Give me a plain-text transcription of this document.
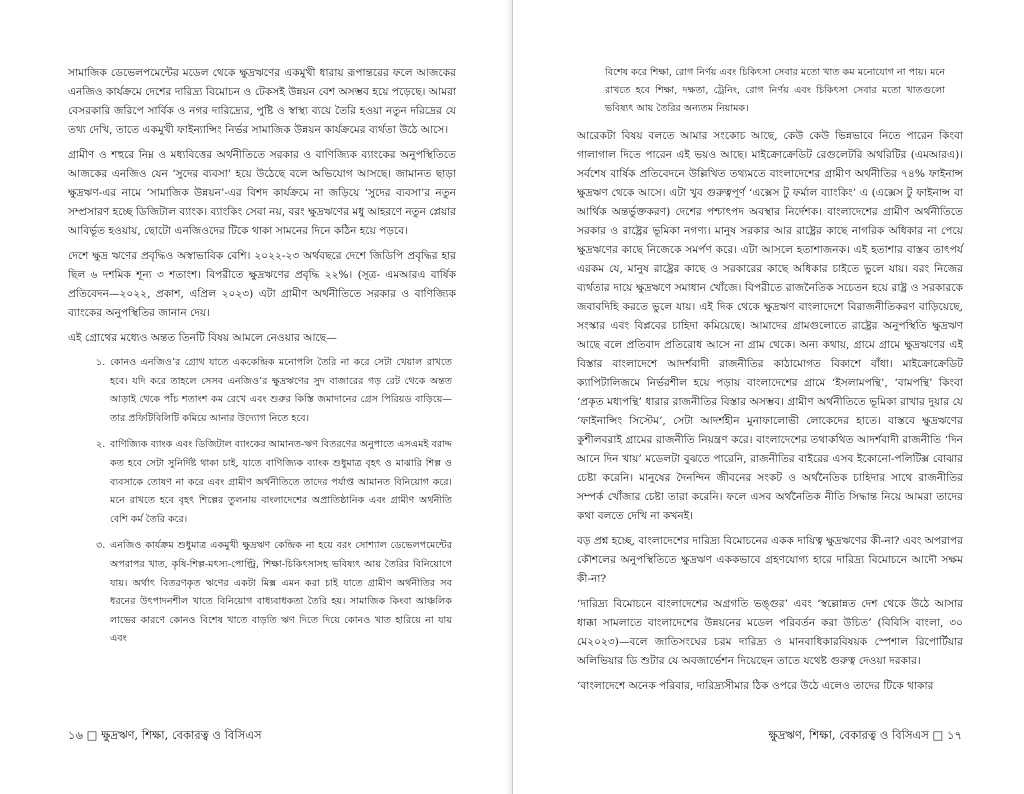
সামাজিক ডেভেলপমেন্টের মডেল থেকে ক্ষুদ্রঋণের একমুখী ধারায় রূপান্তরের ফলে আজকের এনজিও কার্যক্রমে দেশের দারিদ্র্য বিমোচন ও টেকসই উন্নয়ন বেশ অসম্ভব হয়ে পড়েছে। আমরা বেসরকারি জরিপে সার্বিক ও নগর দারিদ্র্যের, পুষ্টি ও স্বাস্থ্য ব্যয়ে তৈরি হওয়া নতুন দরিদ্রের যে তথ্য দেখি, তাতে একমুখী ফাইন্যান্সিং নির্ভর সামাজিক উন্নয়ন কার্যক্রমের ব্যর্থতা উঠে আসে।

গ্রামীণ ও শহুরে নিম্ন ও মধ্যবিত্তের অর্থনীতিতে সরকার ও বাণিজ্যিক ব্যাংকের অনুপস্থিতিতে আজকের এনজিও যেন ‘সুদের ব্যবসা’ হয়ে উঠেছে বলে অভিযোগ আসছে। জামানত ছাড়া ক্ষুদ্রঋণ-এর নামে ‘সামাজিক উন্নয়ন’-এর বিশদ কার্যক্রমে না জড়িয়ে ‘সুদের ব্যবসা’র নতুন সম্প্রসারণ হচ্ছে ডিজিটাল ব্যাংক। ব্যাংকিং সেবা নয়, বরং ক্ষুদ্রঋণের মধু আহরণে নতুন প্লেয়ার আবির্ভূত হওয়ায়, ছোটো এনজিওদের টিকে থাকা সামনের দিনে কঠিন হয়ে পড়বে।

দেশে ক্ষুদ্র ঋণের প্রবৃদ্ধিও অস্বাভাবিক বেশি। ২০২২-২৩ অর্থবছরে দেশে জিডিপি প্রবৃদ্ধির হার ছিল ৬ দশমিক শূন্য ৩ শতাংশ। বিপরীতে ক্ষুদ্রঋণের প্রবৃদ্ধি ২২%। (সূত্র- এমআরএ বার্ষিক প্রতিবেদন—২০২২, প্রকাশ, এপ্রিল ২০২৩) এটা গ্রামীণ অর্থনীতিতে সরকার ও বাণিজ্যিক ব্যাংকের অনুপস্থিতির জানান দেয়।

এই গ্রোথের মধ্যেও অন্তত তিনটি বিষয় আমলে নেওয়ার আছে—

১. কোনও এনজিও’র গ্রোথ যাতে এককেন্দ্রিক মনোপলি তৈরি না করে সেটা খেয়াল রাখতে হবে। যদি করে তাহলে সেসব এনজিও’র ক্ষুদ্রঋণের সুদ বাজারের গড় রেট থেকে অন্তত আড়াই থেকে পাঁচ শতাংশ কম রেখে এবং শুরুর কিস্তি জমাদানের গ্রেস পিরিয়ড বাড়িয়ে—তার প্রফিটিবিলিটি কমিয়ে আনার উদ্যোগ নিতে হবে।
২. বাণিজ্যিক ব্যাংক এবং ডিজিটাল ব্যাংকের আমানত-ঋণ বিতরণের অনুপাতে এসএমই বরাদ্দ কত হবে সেটা সুনির্দিষ্ট থাকা চাই, যাতে বাণিজ্যিক ব্যাংক শুধুমাত্র বৃহৎ ও মাঝারি শিল্প ও ব্যবসাকে তোষণ না করে এবং গ্রামীণ অর্থনীতিতে তাদের পর্যাপ্ত আমানত বিনিয়োগ করে। মনে রাখতে হবে বৃহৎ শিল্পের তুলনায় বাংলাদেশের অপ্রাতিষ্ঠানিক এবং গ্রামীণ অর্থনীতি বেশি কর্ম তৈরি করে।
৩. এনজিও কার্যক্রম শুধুমাত্র একমুখী ক্ষুদ্রঋণ কেন্দ্রিক না হয়ে বরং সোশ্যাল ডেভেলপমেন্টের অপরাপর খাত, কৃষি-শিল্প-মৎস্য-পোল্ট্রি, শিক্ষা-চিকিৎসাসহ ভবিষ্যৎ আয় তৈরির বিনিয়োগে যায়। অর্থাৎ বিতরণকৃত ঋণের একটা মিক্স এমন করা চাই যাতে গ্রামীণ অর্থনীতির সব ধরনের উৎপাদনশীল খাতে বিনিয়োগ বাধ্যবাধকতা তৈরি হয়। সামাজিক কিংবা আঞ্চলিক লাভের কারণে কোনও বিশেষ খাতে বাড়তি ঋণ দিতে দিয়ে কোনও খাত হারিয়ে না যায় এবং
১৬ □ ক্ষুদ্রঋণ, শিক্ষা, বেকারত্ব ও বিসিএস
বিশেষ করে শিক্ষা, রোগ নির্ণয় এবং চিকিৎসা সেবার মতো খাত কম মনোযোগ না পায়। মনে রাখতে হবে শিক্ষা, দক্ষতা, ট্রেনিং, রোগ নির্ণয় এবং চিকিৎসা সেবার মতো খাতগুলো ভবিষ্যৎ আয় তৈরির অন্যতম নিয়ামক।

আরেকটা বিষয় বলতে আমার সংকোচ আছে, কেউ কেউ ভিন্নভাবে নিতে পারেন কিংবা গালাগাল দিতে পারেন এই ভয়ও আছে। মাইক্রোক্রেডিট রেগুলেটরি অথরিটির (এমআরএ)। সর্বশেষ বার্ষিক প্রতিবেদনে উল্লিখিত তথ্যমতে বাংলাদেশের গ্রামীণ অর্থনীতির ৭৪% ফাইনান্স ক্ষুদ্রঋণ থেকে আসে। এটা খুব গুরুত্বপূর্ণ ‘এক্সেস টু ফর্মাল ব্যাংকিং’ এ (এক্সেস টু ফাইনান্স বা আর্থিক অন্তর্ভুক্তকরণ) দেশের পশ্চাৎপদ অবস্থার নির্দেশক। বাংলাদেশের গ্রামীণ অর্থনীতিতে সরকার ও রাষ্ট্রের ভূমিকা নগণ্য। মানুষ সরকার আর রাষ্ট্রের কাছে নাগরিক অধিকার না পেয়ে ক্ষুদ্রঋণের কাছে নিজেকে সমর্পণ করে। এটা আসলে হতাশাজনক। এই হতাশার বাস্তব তাৎপর্য এরকম যে, মানুষ রাষ্ট্রের কাছে ও সরকারের কাছে অধিকার চাইতে ভুলে যায়। বরং নিজের ব্যর্থতার দায়ে ক্ষুদ্রঋণে সমাধান খোঁজে। বিপরীতে রাজনৈতিক সচেতন হয়ে রাষ্ট্র ও সরকারকে জবাবদিহি করতে ভুলে যায়। এই দিক থেকে ক্ষুদ্রঋণ বাংলাদেশে বিরাজনীতিকরণ বাড়িয়েছে, সংস্কার এবং বিপ্লবের চাহিদা কমিয়েছে। আমাদের গ্রামগুলোতে রাষ্ট্রের অনুপস্থিতি ক্ষুদ্রঋণ আছে বলে প্রতিবাদ প্রতিরোধ আসে না গ্রাম থেকে। অন্য কথায়, গ্রামে গ্রামে ক্ষুদ্রঋণের এই বিস্তার বাংলাদেশে আদর্শবাদী রাজনীতির কাঠামোগত বিকাশে বাঁধা। মাইক্রোক্রেডিট ক্যাপিটালিজমে নির্ভরশীল হয়ে পড়ায় বাংলাদেশের গ্রামে ‘ইসলামপন্থি’, ‘বামপন্থি’ কিংবা ‘প্রকৃত মধ্যপন্থি’ ধারার রাজনীতির বিস্তার অসম্ভব। গ্রামীণ অর্থনীতিতে ভূমিকা রাখার দুয়ার যে ‘ফাইনান্সিং সিস্টেম’, সেটা আদর্শহীন মুনাফালোভী লোকেদের হাতে। বাস্তবে ক্ষুদ্রঋণের কুশীলবরাই গ্রামের রাজনীতি নিয়ন্ত্রণ করে। বাংলাদেশের তথাকথিত আদর্শবাদী রাজনীতি ‘দিন আনে দিন খায়’ মডেলটা বুঝতে পারেনি, রাজনীতির বাইরের এসব ইকোনো-পলিটিক্স বোঝার চেষ্টা করেনি। মানুষের দৈনন্দিন জীবনের সংকট ও অর্থনৈতিক চাহিদার সাথে রাজনীতির সম্পর্ক খোঁজার চেষ্টা তারা করেনি। ফলে এসব অর্থনৈতিক নীতি সিদ্ধান্ত নিয়ে আমরা তাদের কথা বলতে দেখি না কখনই।

বড় প্রশ্ন হচ্ছে, বাংলাদেশের দারিদ্র্য বিমোচনের একক দায়িত্ব ক্ষুদ্রঋণের কী-না? এবং অপরাপর কৌশলের অনুপস্থিতিতে ক্ষুদ্রঋণ এককভাবে গ্রহণযোগ্য হারে দারিদ্র্য বিমোচনে আদৌ সক্ষম কী-না?

‘দারিদ্র্য বিমোচনে বাংলাদেশের অগ্রগতি ভঙ্গুর’ এবং ‘স্বল্লোন্নত দেশ থেকে উঠে আসার ধাক্কা সামলাতে বাংলাদেশের উন্নয়নের মডেল পরিবর্তন করা উচিত’ (বিবিসি বাংলা, ৩০ মে২০২৩)—বলে জাতিসংঘের চরম দারিদ্র্য ও মানবাধিকারবিষয়ক স্পেশাল রিপোর্টিয়ার অলিভিয়ার ডি শুটার যে অবজার্ভেশন দিয়েছেন তাতে যথেষ্ট গুরুত্ব দেওয়া দরকার।

‘বাংলাদেশে অনেক পরিবার, দারিদ্র্যসীমার ঠিক ওপরে উঠে এলেও তাদের টিকে থাকার

ক্ষুদ্রঋণ, শিক্ষা, বেকারত্ব ও বিসিএস □ ১৭
